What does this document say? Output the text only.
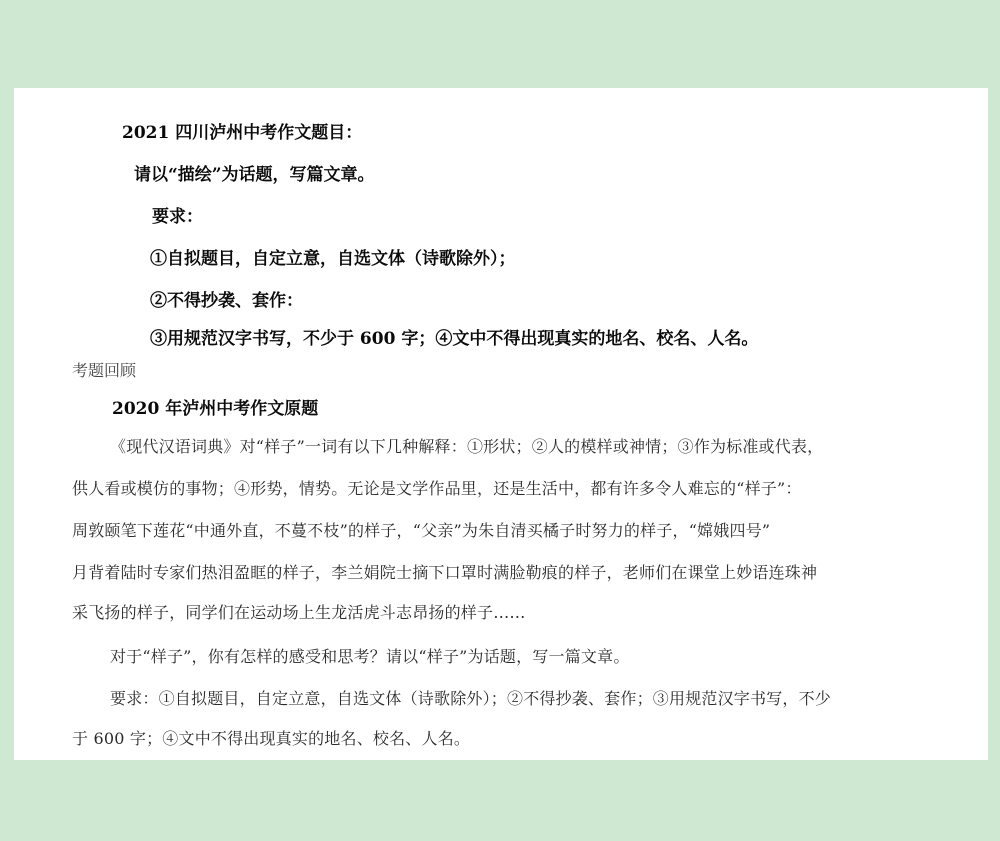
2021 四川泸州中考作文题目：
请以“描绘”为话题，写篇文章。
要求：
①自拟题目，自定立意，自选文体（诗歌除外）；
②不得抄袭、套作：
③用规范汉字书写，不少于 600 字；④文中不得出现真实的地名、校名、人名。
考题回顾
2020 年泸州中考作文原题
《现代汉语词典》对“样子”一词有以下几种解释：①形状；②人的模样或神情；③作为标准或代表，
供人看或模仿的事物；④形势，情势。无论是文学作品里，还是生活中，都有许多令人难忘的“样子”：
周敦颐笔下莲花“中通外直，不蔓不枝”的样子，“父亲”为朱自清买橘子时努力的样子，“嫦娥四号”
月背着陆时专家们热泪盈眶的样子，李兰娟院士摘下口罩时满脸勒痕的样子，老师们在课堂上妙语连珠神
采飞扬的样子，同学们在运动场上生龙活虎斗志昂扬的样子……
对于“样子”，你有怎样的感受和思考？请以“样子”为话题，写一篇文章。
要求：①自拟题目，自定立意，自选文体（诗歌除外）；②不得抄袭、套作；③用规范汉字书写，不少
于 600 字；④文中不得出现真实的地名、校名、人名。
